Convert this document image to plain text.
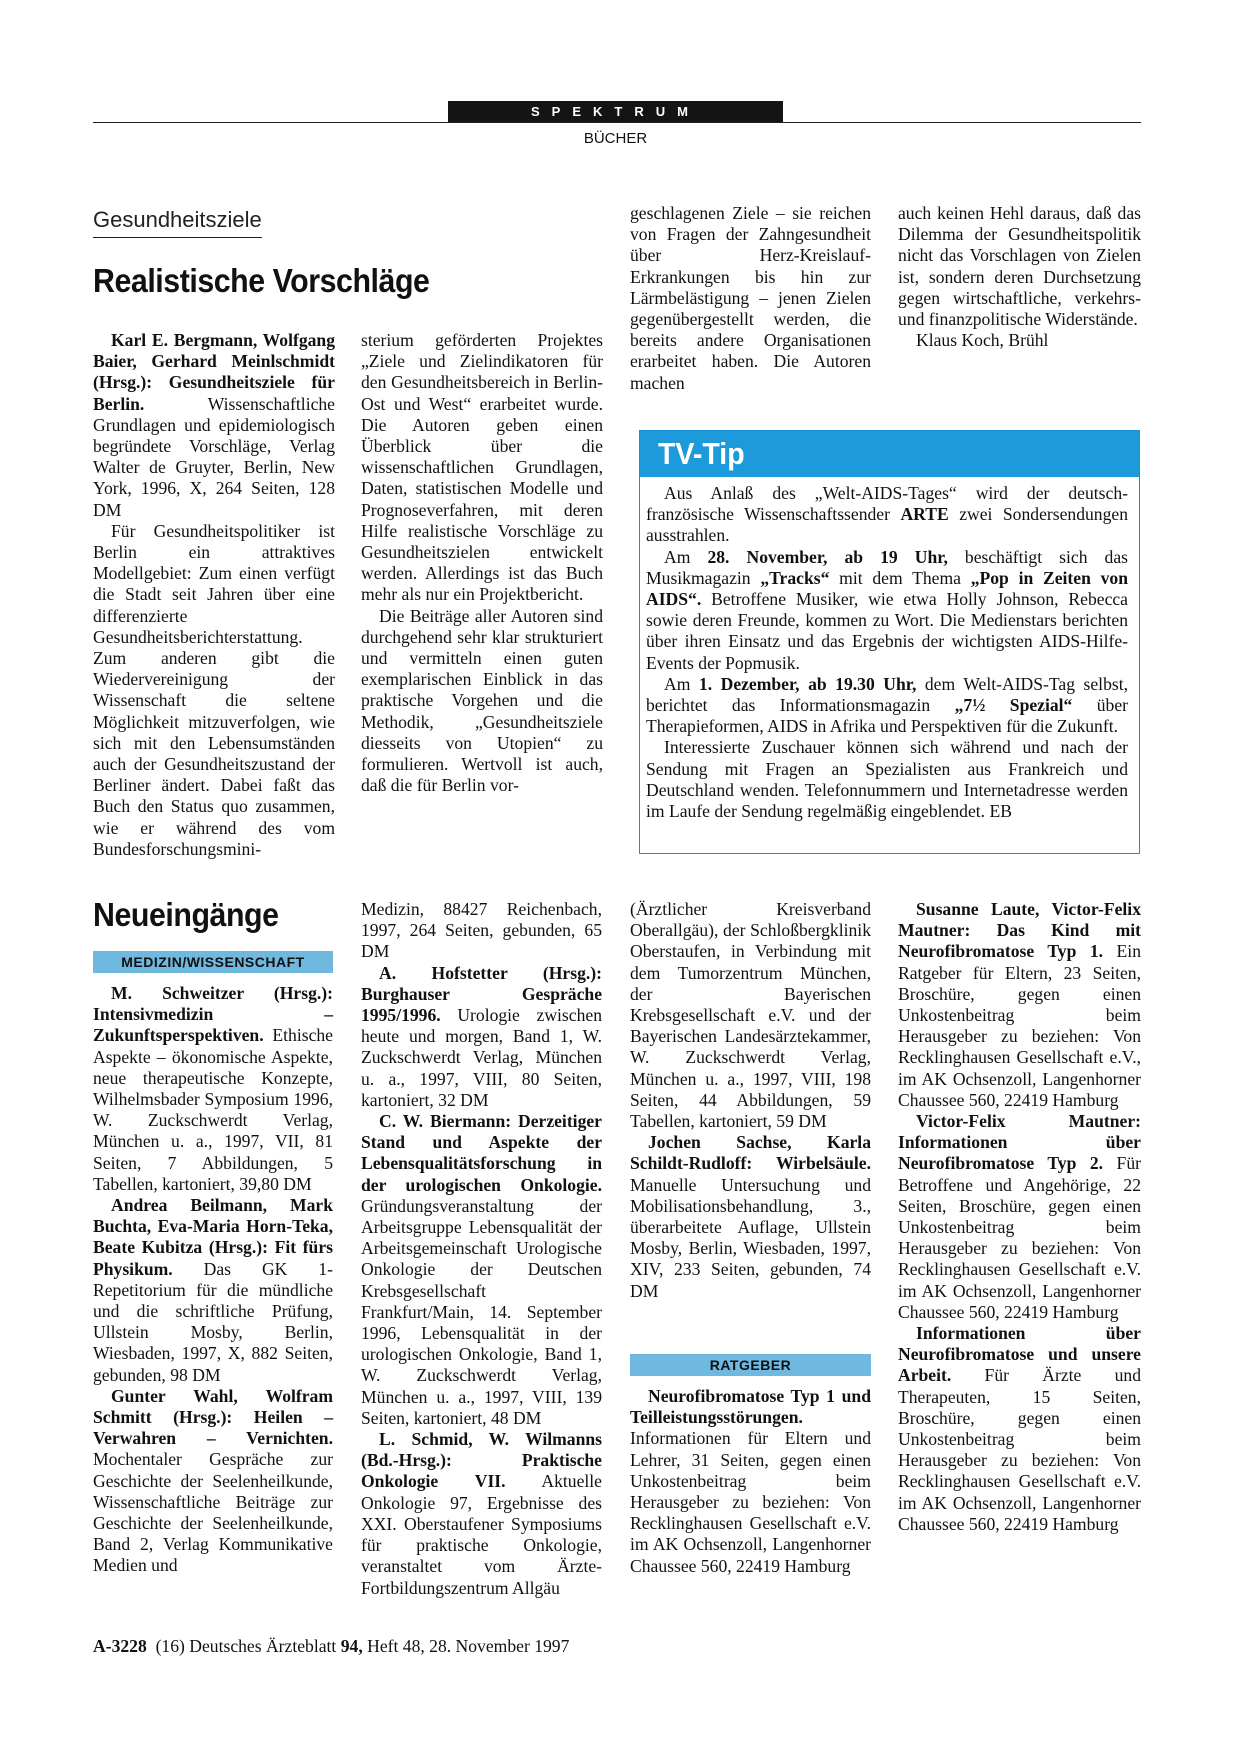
SPEKTRUM
BÜCHER
Gesundheitsziele
Realistische Vorschläge

Karl E. Bergmann, Wolfgang Baier, Gerhard Meinlschmidt (Hrsg.): Gesundheitsziele für Berlin. Wissenschaftliche Grundlagen und epidemiologisch begründete Vorschläge, Verlag Walter de Gruyter, Berlin, New York, 1996, X, 264 Seiten, 128 DM

Für Gesundheitspolitiker ist Berlin ein attraktives Modellgebiet: Zum einen verfügt die Stadt seit Jahren über eine differenzierte Gesundheitsberichterstattung. Zum anderen gibt die Wiedervereinigung der Wissenschaft die seltene Möglichkeit mitzuverfolgen, wie sich mit den Lebensumständen auch der Gesundheitszustand der Berliner ändert. Dabei faßt das Buch den Status quo zusammen, wie er während des vom Bundesforschungsmini-

sterium geförderten Projektes „Ziele und Zielindikatoren für den Gesundheitsbereich in Berlin-Ost und West“ erarbeitet wurde. Die Autoren geben einen Überblick über die wissenschaftlichen Grundlagen, Daten, statistischen Modelle und Prognoseverfahren, mit deren Hilfe realistische Vorschläge zu Gesundheitszielen entwickelt werden. Allerdings ist das Buch mehr als nur ein Projektbericht.

Die Beiträge aller Autoren sind durchgehend sehr klar strukturiert und vermitteln einen guten exemplarischen Einblick in das praktische Vorgehen und die Methodik, „Gesundheitsziele diesseits von Utopien“ zu formulieren. Wertvoll ist auch, daß die für Berlin vor-

geschlagenen Ziele – sie reichen von Fragen der Zahngesundheit über Herz-Kreislauf-Erkrankungen bis hin zur Lärmbelästigung – jenen Zielen gegenübergestellt werden, die bereits andere Organisationen erarbeitet haben. Die Autoren machen

auch keinen Hehl daraus, daß das Dilemma der Gesundheitspolitik nicht das Vorschlagen von Zielen ist, sondern deren Durchsetzung gegen wirtschaftliche, verkehrs- und finanzpolitische Widerstände.

Klaus Koch, Brühl

TV-Tip

Aus Anlaß des „Welt-AIDS-Tages“ wird der deutsch-französische Wissenschaftssender ARTE zwei Sondersendungen ausstrahlen.

Am 28. November, ab 19 Uhr, beschäftigt sich das Musikmagazin „Tracks“ mit dem Thema „Pop in Zeiten von AIDS“. Betroffene Musiker, wie etwa Holly Johnson, Rebecca sowie deren Freunde, kommen zu Wort. Die Medienstars berichten über ihren Einsatz und das Ergebnis der wichtigsten AIDS-Hilfe-Events der Popmusik.

Am 1. Dezember, ab 19.30 Uhr, dem Welt-AIDS-Tag selbst, berichtet das Informationsmagazin „7½ Spezial“ über Therapieformen, AIDS in Afrika und Perspektiven für die Zukunft.

Interessierte Zuschauer können sich während und nach der Sendung mit Fragen an Spezialisten aus Frankreich und Deutschland wenden. Telefonnummern und Internetadresse werden im Laufe der Sendung regelmäßig eingeblendet. EB

Neueingänge
MEDIZIN/WISSENSCHAFT

M. Schweitzer (Hrsg.): Intensivmedizin – Zukunftsperspektiven. Ethische Aspekte – ökonomische Aspekte, neue therapeutische Konzepte, Wilhelmsbader Symposium 1996, W. Zuckschwerdt Verlag, München u. a., 1997, VII, 81 Seiten, 7 Abbildungen, 5 Tabellen, kartoniert, 39,80 DM

Andrea Beilmann, Mark Buchta, Eva-Maria Horn-Teka, Beate Kubitza (Hrsg.): Fit fürs Physikum. Das GK 1-Repetitorium für die mündliche und die schriftliche Prüfung, Ullstein Mosby, Berlin, Wiesbaden, 1997, X, 882 Seiten, gebunden, 98 DM

Gunter Wahl, Wolfram Schmitt (Hrsg.): Heilen – Verwahren – Vernichten. Mochentaler Gespräche zur Geschichte der Seelenheilkunde, Wissenschaftliche Beiträge zur Geschichte der Seelenheilkunde, Band 2, Verlag Kommunikative Medien und

Medizin, 88427 Reichenbach, 1997, 264 Seiten, gebunden, 65 DM

A. Hofstetter (Hrsg.): Burghauser Gespräche 1995/1996. Urologie zwischen heute und morgen, Band 1, W. Zuckschwerdt Verlag, München u. a., 1997, VIII, 80 Seiten, kartoniert, 32 DM

C. W. Biermann: Derzeitiger Stand und Aspekte der Lebensqualitätsforschung in der urologischen Onkologie. Gründungsveranstaltung der Arbeitsgruppe Lebensqualität der Arbeitsgemeinschaft Urologische Onkologie der Deutschen Krebsgesellschaft Frankfurt/Main, 14. September 1996, Lebensqualität in der urologischen Onkologie, Band 1, W. Zuckschwerdt Verlag, München u. a., 1997, VIII, 139 Seiten, kartoniert, 48 DM

L. Schmid, W. Wilmanns (Bd.-Hrsg.): Praktische Onkologie VII. Aktuelle Onkologie 97, Ergebnisse des XXI. Oberstaufener Symposiums für praktische Onkologie, veranstaltet vom Ärzte-Fortbildungszentrum Allgäu

(Ärztlicher Kreisverband Oberallgäu), der Schloßbergklinik Oberstaufen, in Verbindung mit dem Tumorzentrum München, der Bayerischen Krebsgesellschaft e.V. und der Bayerischen Landesärztekammer, W. Zuckschwerdt Verlag, München u. a., 1997, VIII, 198 Seiten, 44 Abbildungen, 59 Tabellen, kartoniert, 59 DM

Jochen Sachse, Karla Schildt-Rudloff: Wirbelsäule. Manuelle Untersuchung und Mobilisationsbehandlung, 3., überarbeitete Auflage, Ullstein Mosby, Berlin, Wiesbaden, 1997, XIV, 233 Seiten, gebunden, 74 DM

RATGEBER

Neurofibromatose Typ 1 und Teilleistungsstörungen. Informationen für Eltern und Lehrer, 31 Seiten, gegen einen Unkostenbeitrag beim Herausgeber zu beziehen: Von Recklinghausen Gesellschaft e.V. im AK Ochsenzoll, Langenhorner Chaussee 560, 22419 Hamburg

Susanne Laute, Victor-Felix Mautner: Das Kind mit Neurofibromatose Typ 1. Ein Ratgeber für Eltern, 23 Seiten, Broschüre, gegen einen Unkostenbeitrag beim Herausgeber zu beziehen: Von Recklinghausen Gesellschaft e.V., im AK Ochsenzoll, Langenhorner Chaussee 560, 22419 Hamburg

Victor-Felix Mautner: Informationen über Neurofibromatose Typ 2. Für Betroffene und Angehörige, 22 Seiten, Broschüre, gegen einen Unkostenbeitrag beim Herausgeber zu beziehen: Von Recklinghausen Gesellschaft e.V. im AK Ochsenzoll, Langenhorner Chaussee 560, 22419 Hamburg

Informationen über Neurofibromatose und unsere Arbeit. Für Ärzte und Therapeuten, 15 Seiten, Broschüre, gegen einen Unkostenbeitrag beim Herausgeber zu beziehen: Von Recklinghausen Gesellschaft e.V. im AK Ochsenzoll, Langenhorner Chaussee 560, 22419 Hamburg

A-3228  (16) Deutsches Ärzteblatt 94, Heft 48, 28. November 1997
